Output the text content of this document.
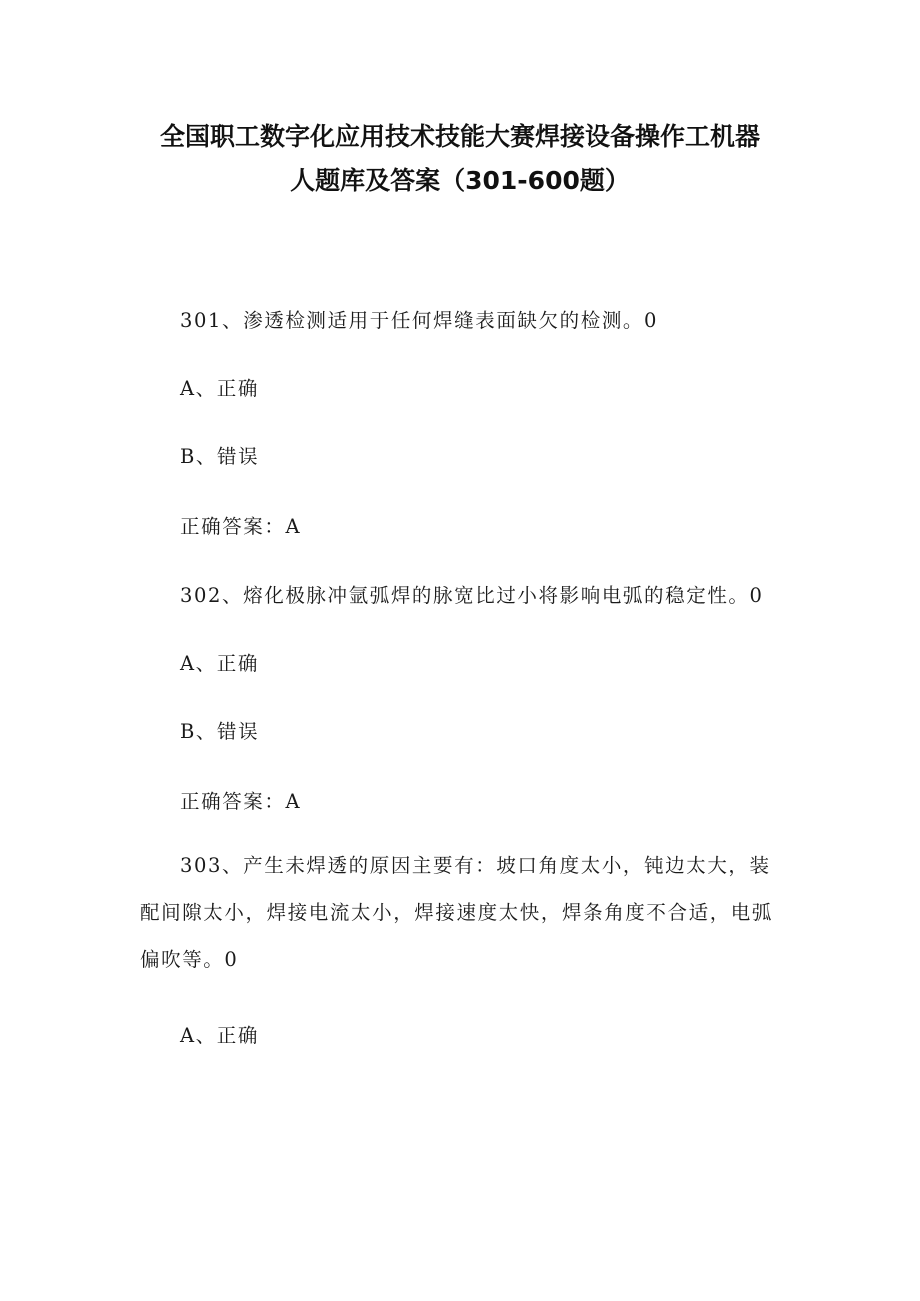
全国职工数字化应用技术技能大赛焊接设备操作工机器
人题库及答案（301-600题）
301、渗透检测适用于任何焊缝表面缺欠的检测。0
A、正确
B、错误
正确答案：A
302、熔化极脉冲氩弧焊的脉宽比过小将影响电弧的稳定性。0
A、正确
B、错误
正确答案：A
303、产生未焊透的原因主要有：坡口角度太小，钝边太大，装配间隙太小，焊接电流太小，焊接速度太快，焊条角度不合适，电弧偏吹等。0
A、正确
